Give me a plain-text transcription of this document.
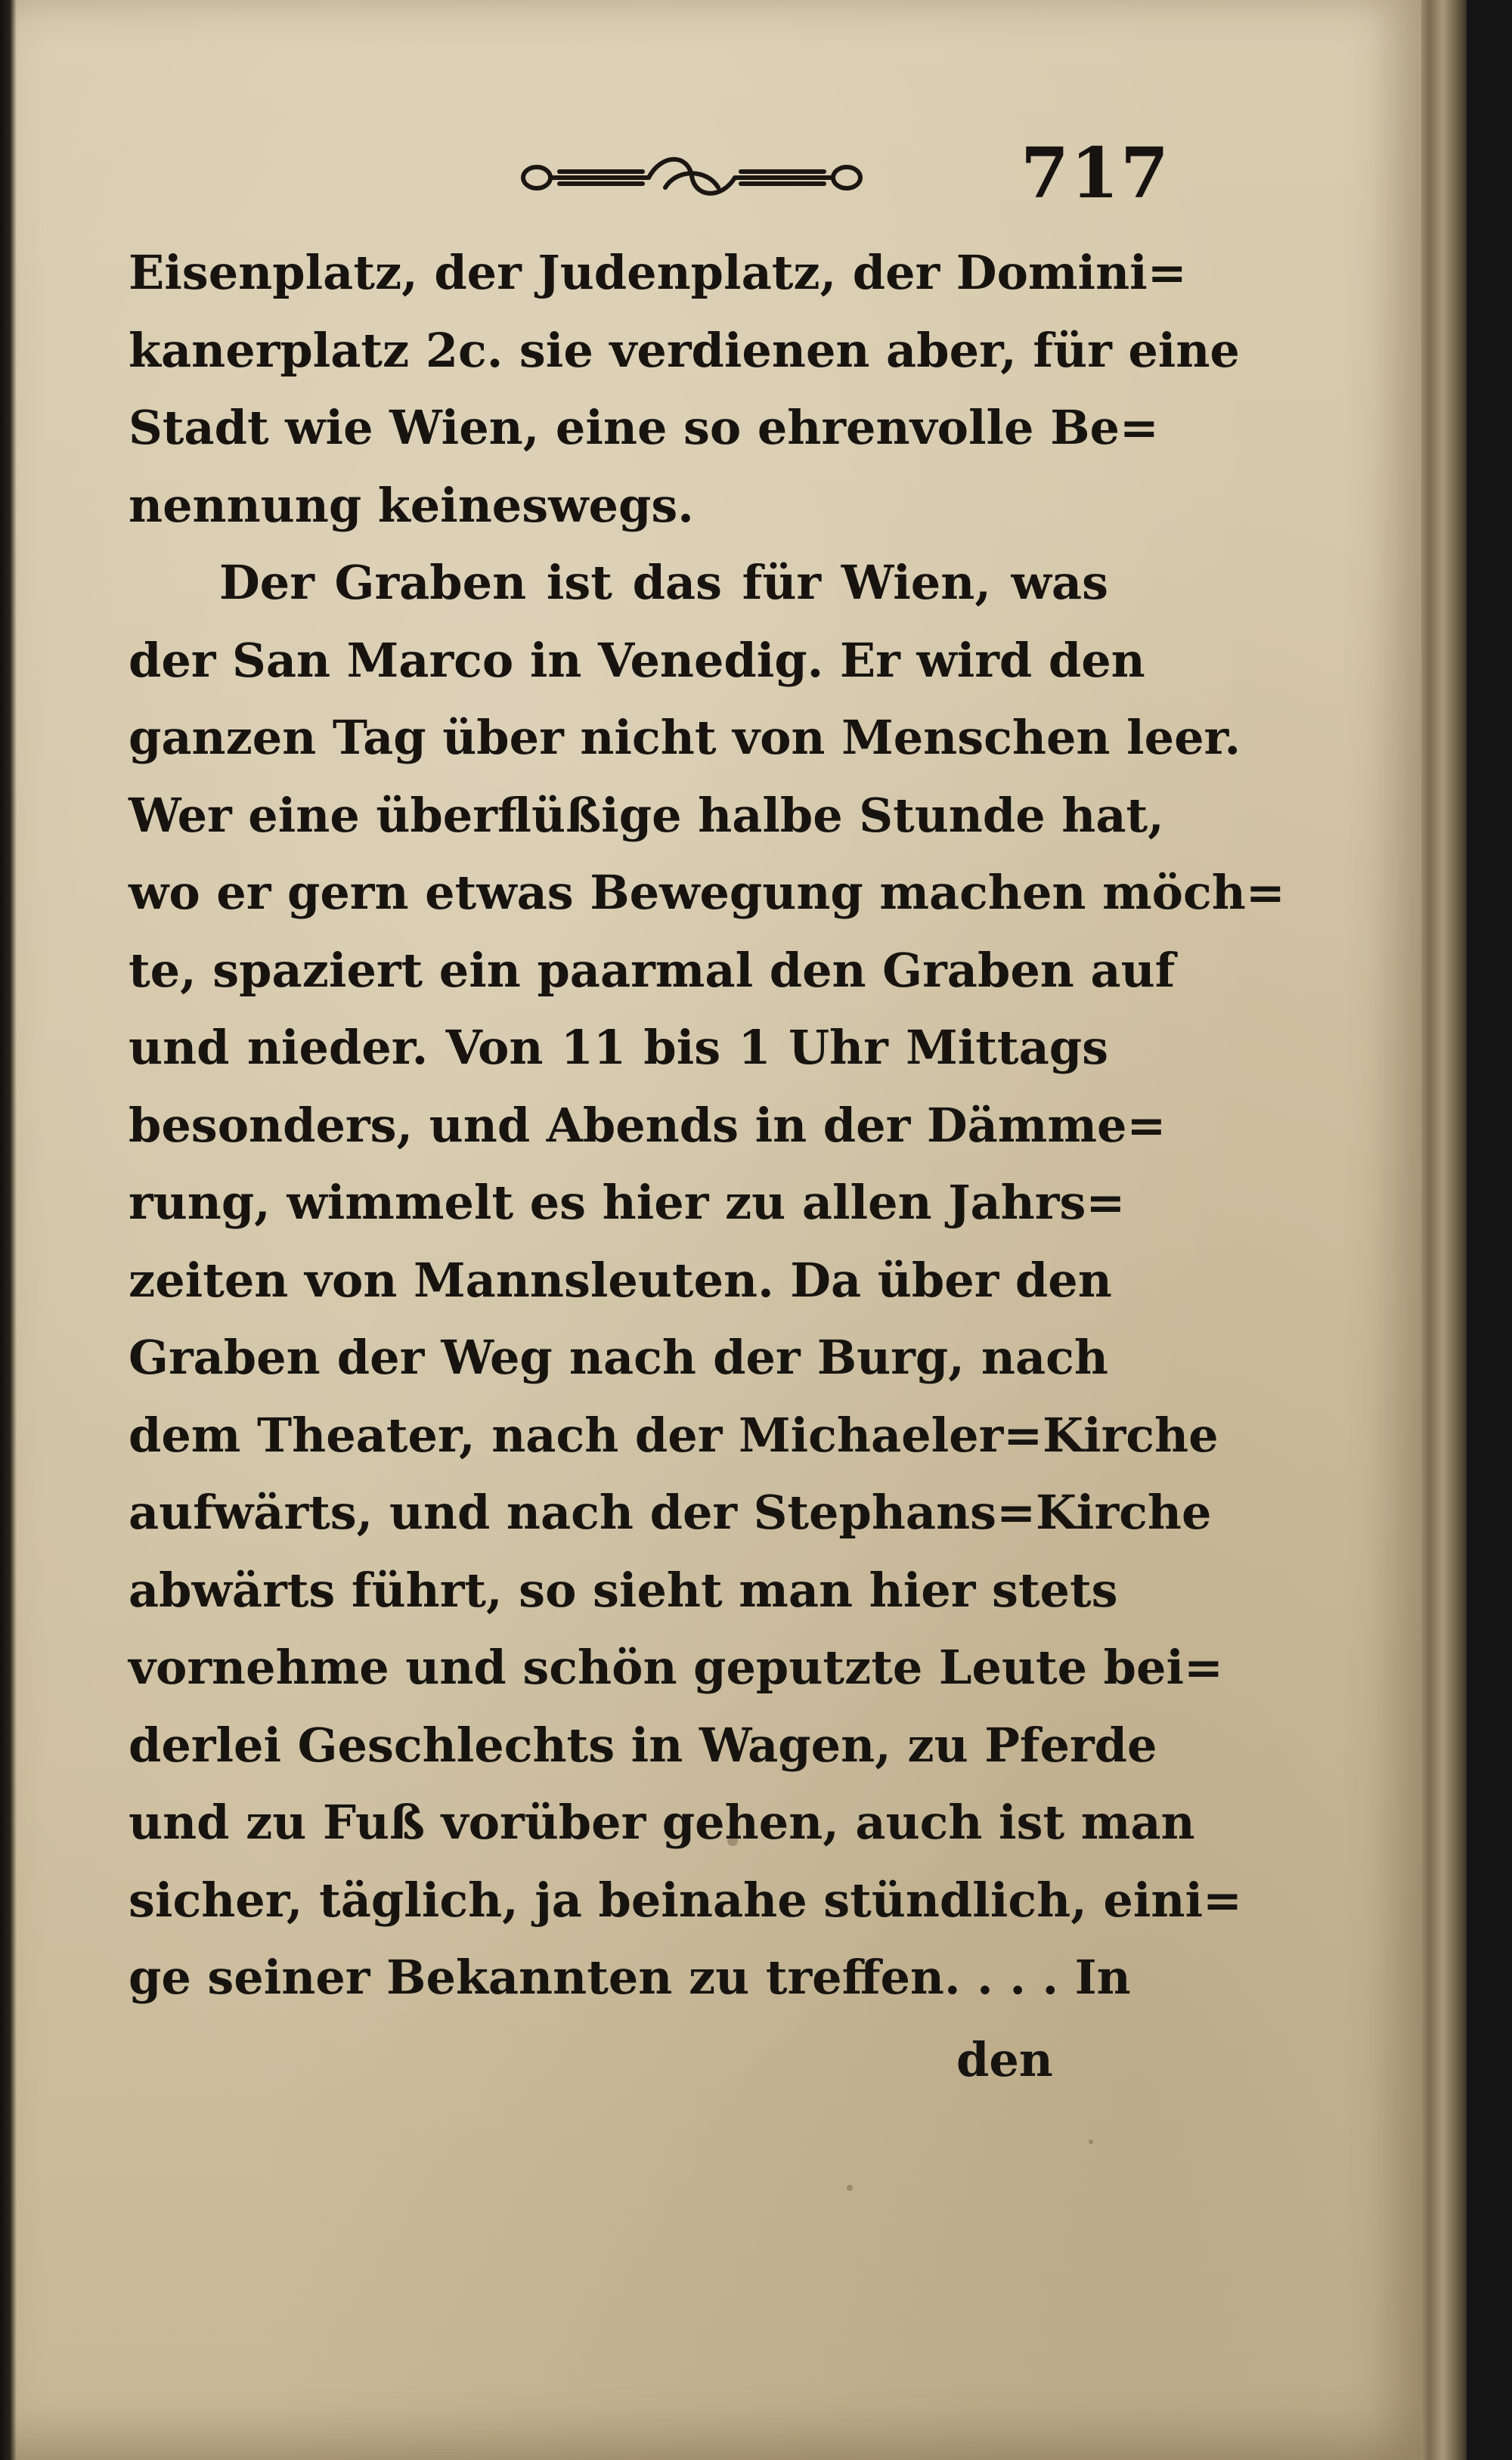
717
Eisenplatz, der Judenplatz, der Domini=
kanerplatz 2c. sie verdienen aber, für eine
Stadt wie Wien, eine so ehrenvolle Be=
nennung keineswegs.
Der Graben ist das für Wien, was
der San Marco in Venedig. Er wird den
ganzen Tag über nicht von Menschen leer.
Wer eine überflüßige halbe Stunde hat,
wo er gern etwas Bewegung machen möch=
te, spaziert ein paarmal den Graben auf
und nieder. Von 11 bis 1 Uhr Mittags
besonders, und Abends in der Dämme=
rung, wimmelt es hier zu allen Jahrs=
zeiten von Mannsleuten. Da über den
Graben der Weg nach der Burg, nach
dem Theater, nach der Michaeler=Kirche
aufwärts, und nach der Stephans=Kirche
abwärts führt, so sieht man hier stets
vornehme und schön geputzte Leute bei=
derlei Geschlechts in Wagen, zu Pferde
und zu Fuß vorüber gehen, auch ist man
sicher, täglich, ja beinahe stündlich, eini=
ge seiner Bekannten zu treffen. . . . In
den
